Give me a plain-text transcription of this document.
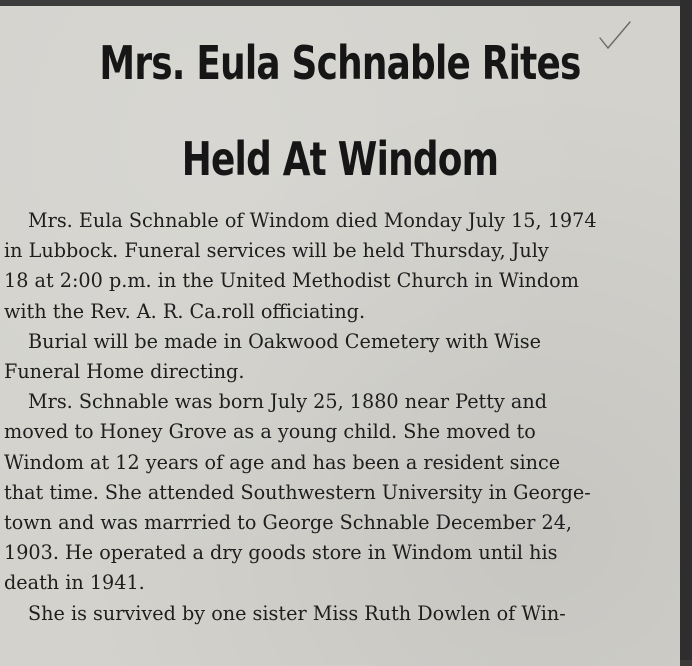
Mrs. Eula Schnable Rites
Held At Windom

Mrs. Eula Schnable of Windom died Monday July 15, 1974
in Lubbock. Funeral services will be held Thursday, July
18 at 2:00 p.m. in the United Methodist Church in Windom
with the Rev. A. R. Ca.roll officiating.

Burial will be made in Oakwood Cemetery with Wise
Funeral Home directing.

Mrs. Schnable was born July 25, 1880 near Petty and
moved to Honey Grove as a young child. She moved to
Windom at 12 years of age and has been a resident since
that time. She attended Southwestern University in George-
town and was marrried to George Schnable December 24,
1903. He operated a dry goods store in Windom until his
death in 1941.

She is survived by one sister Miss Ruth Dowlen of Win-
